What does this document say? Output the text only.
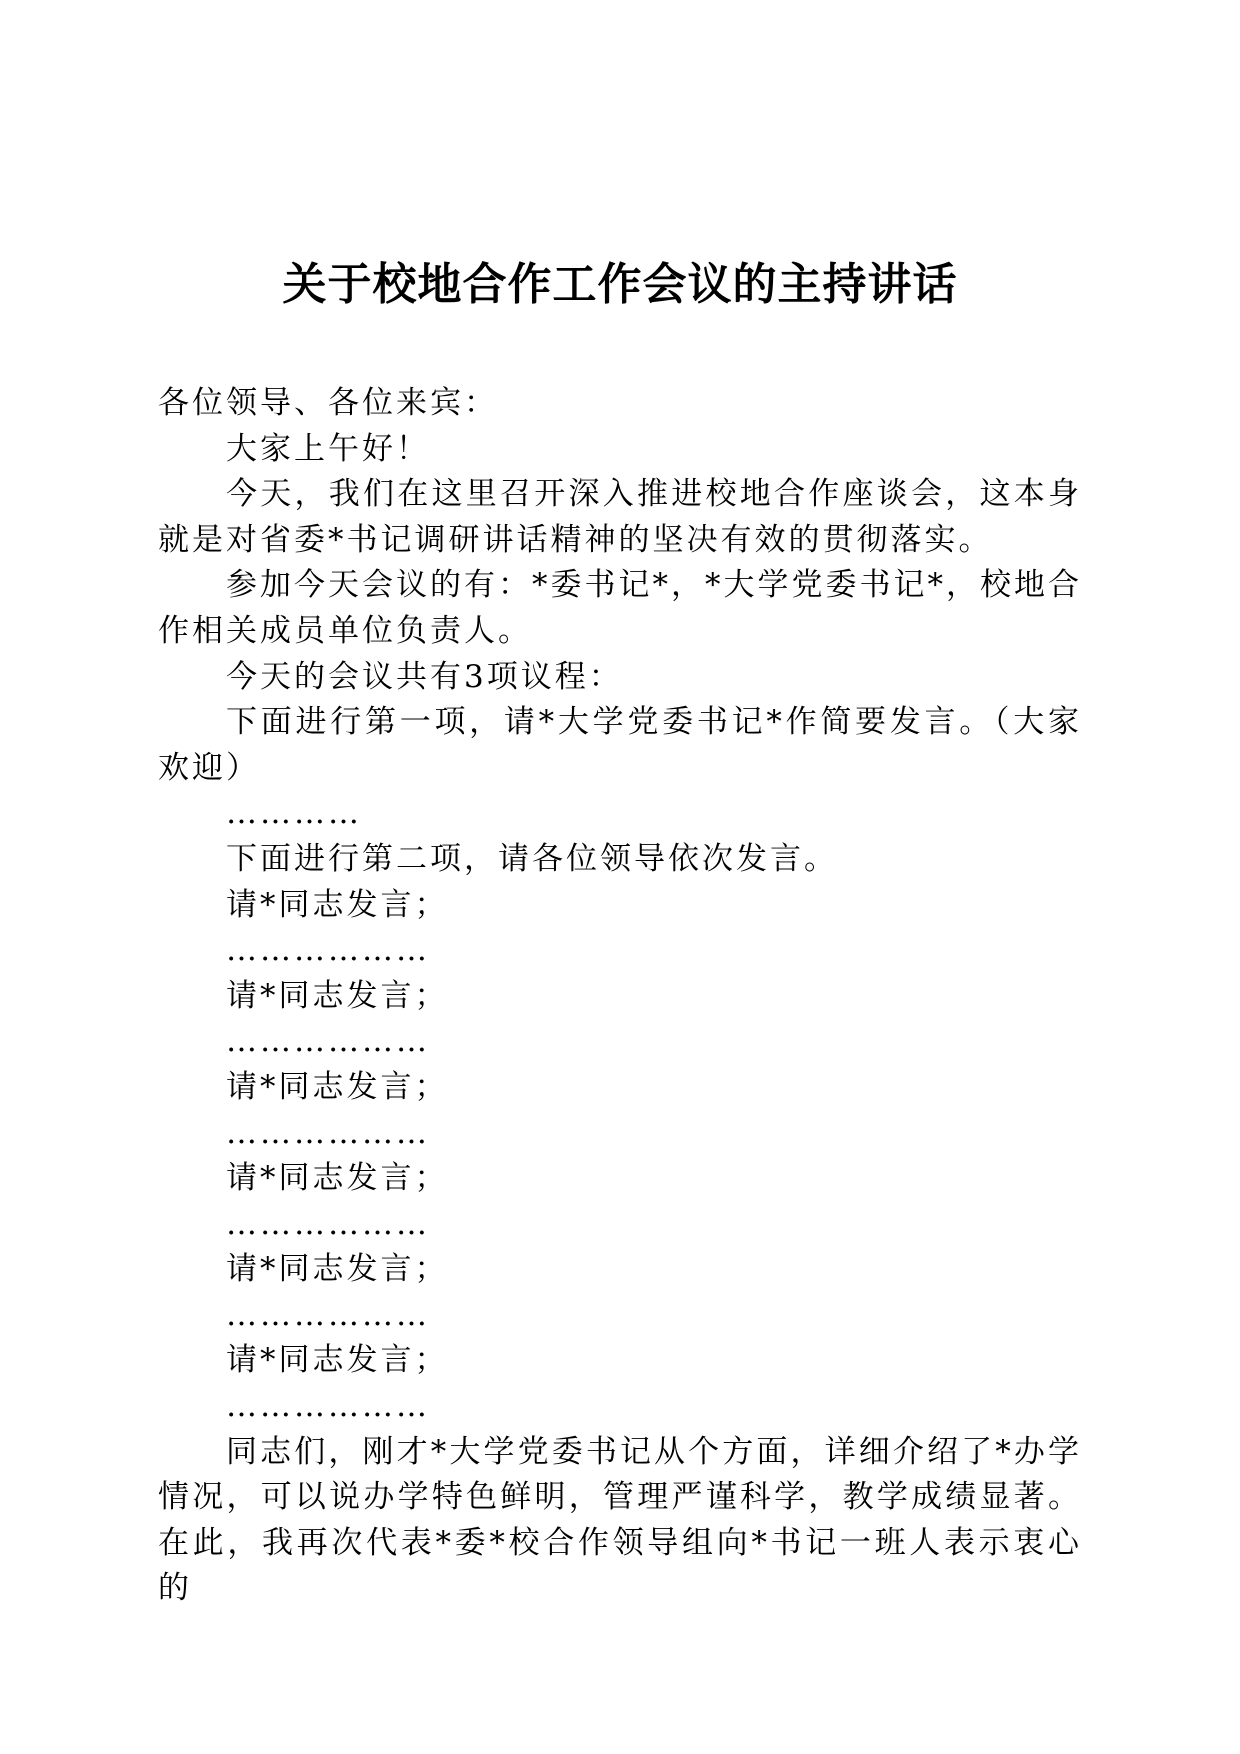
关于校地合作工作会议的主持讲话

各位领导、各位来宾：

大家上午好！

今天，我们在这里召开深入推进校地合作座谈会，这本身就是对省委*书记调研讲话精神的坚决有效的贯彻落实。

参加今天会议的有：*委书记*，*大学党委书记*，校地合作相关成员单位负责人。

今天的会议共有3项议程：

下面进行第一项，请*大学党委书记*作简要发言。（大家欢迎）

…………

下面进行第二项，请各位领导依次发言。

请*同志发言；

………………

请*同志发言；

………………

请*同志发言；

………………

请*同志发言；

………………

请*同志发言；

………………

请*同志发言；

………………

同志们，刚才*大学党委书记从个方面，详细介绍了*办学情况，可以说办学特色鲜明，管理严谨科学，教学成绩显著。在此，我再次代表*委*校合作领导组向*书记一班人表示衷心的
